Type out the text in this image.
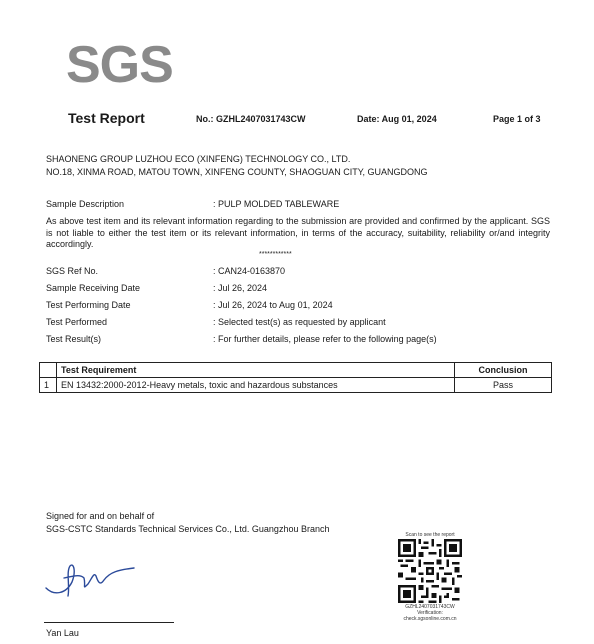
SGS
Test Report	No.: GZHL2407031743CW	Date: Aug 01, 2024	Page 1 of 3
SHAONENG GROUP LUZHOU ECO (XINFENG) TECHNOLOGY CO., LTD.
NO.18, XINMA ROAD, MATOU TOWN, XINFENG COUNTY, SHAOGUAN CITY, GUANGDONG
Sample Description	: PULP MOLDED TABLEWARE
As above test item and its relevant information regarding to the submission are provided and confirmed by the applicant. SGS is not liable to either the test item or its relevant information, in terms of the accuracy, suitability, reliability or/and integrity accordingly.
************
SGS Ref No.	: CAN24-0163870
Sample Receiving Date	: Jul 26, 2024
Test Performing Date	: Jul 26, 2024 to Aug 01, 2024
Test Performed	: Selected test(s) as requested by applicant
Test Result(s)	: For further details, please refer to the following page(s)
	Test Requirement	Conclusion
1	EN 13432:2000-2012-Heavy metals, toxic and hazardous substances	Pass
Signed for and on behalf of
SGS-CSTC Standards Technical Services Co., Ltd. Guangzhou Branch
Yan Lau
Scan to see the report
GZHL2407031743CW
Verification:
check.sgsonline.com.cn
